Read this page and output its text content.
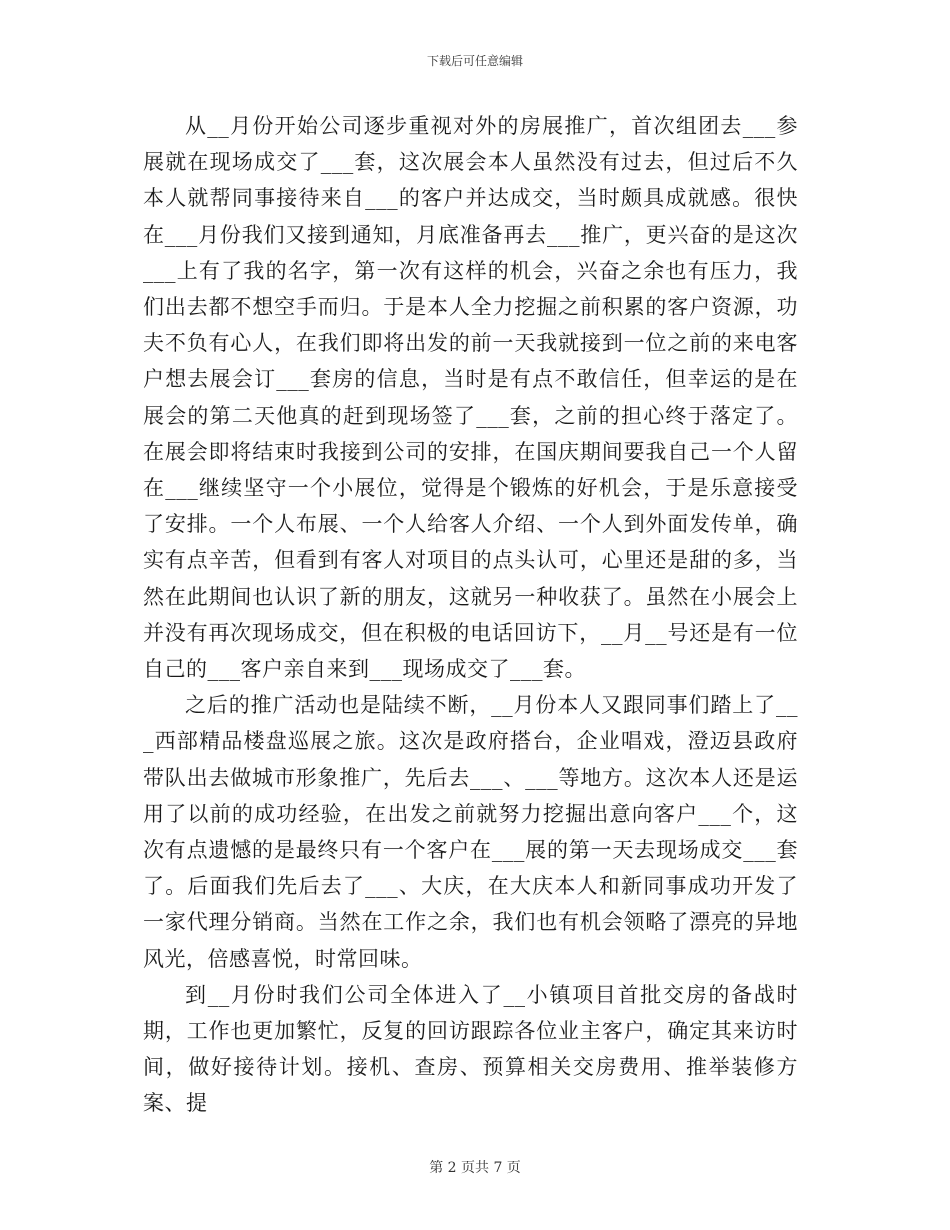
下载后可任意编辑

从__月份开始公司逐步重视对外的房展推广，首次组团去___参展就在现场成交了___套，这次展会本人虽然没有过去，但过后不久本人就帮同事接待来自___的客户并达成交，当时颇具成就感。很快在___月份我们又接到通知，月底准备再去___推广，更兴奋的是这次___上有了我的名字，第一次有这样的机会，兴奋之余也有压力，我们出去都不想空手而归。于是本人全力挖掘之前积累的客户资源，功夫不负有心人，在我们即将出发的前一天我就接到一位之前的来电客户想去展会订___套房的信息，当时是有点不敢信任，但幸运的是在展会的第二天他真的赶到现场签了___套，之前的担心终于落定了。在展会即将结束时我接到公司的安排，在国庆期间要我自己一个人留在___继续坚守一个小展位，觉得是个锻炼的好机会，于是乐意接受了安排。一个人布展、一个人给客人介绍、一个人到外面发传单，确实有点辛苦，但看到有客人对项目的点头认可，心里还是甜的多，当然在此期间也认识了新的朋友，这就另一种收获了。虽然在小展会上并没有再次现场成交，但在积极的电话回访下，__月__号还是有一位自己的___客户亲自来到___现场成交了___套。

之后的推广活动也是陆续不断，__月份本人又跟同事们踏上了___西部精品楼盘巡展之旅。这次是政府搭台，企业唱戏，澄迈县政府带队出去做城市形象推广，先后去___、___等地方。这次本人还是运用了以前的成功经验，在出发之前就努力挖掘出意向客户___个，这次有点遗憾的是最终只有一个客户在___展的第一天去现场成交___套了。后面我们先后去了___、大庆，在大庆本人和新同事成功开发了一家代理分销商。当然在工作之余，我们也有机会领略了漂亮的异地风光，倍感喜悦，时常回味。

到__月份时我们公司全体进入了__小镇项目首批交房的备战时期，工作也更加繁忙，反复的回访跟踪各位业主客户，确定其来访时间，做好接待计划。接机、查房、预算相关交房费用、推举装修方案、提

第 2 页共 7 页
